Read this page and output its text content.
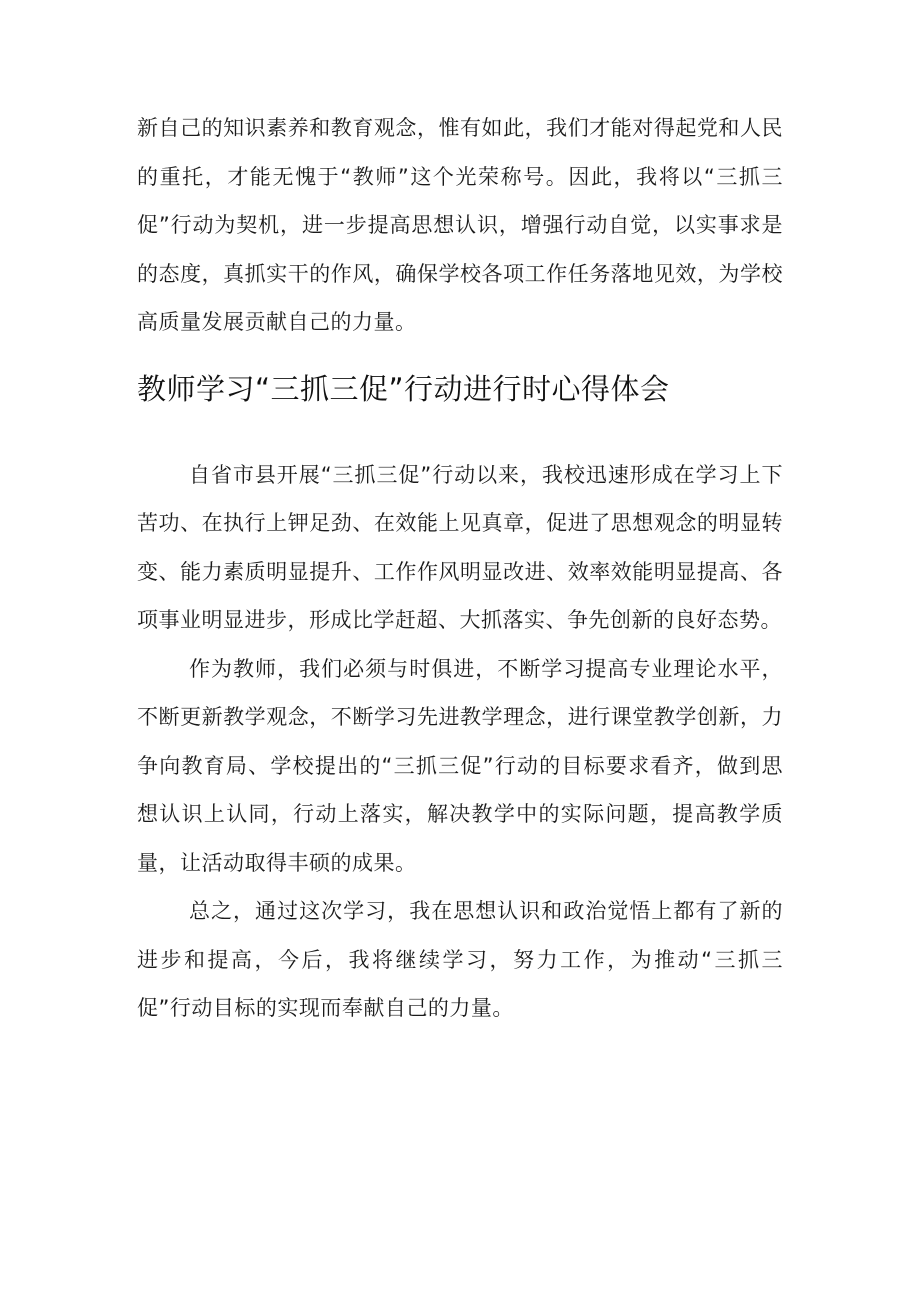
新自己的知识素养和教育观念，惟有如此，我们才能对得起党和人民的重托，才能无愧于“教师”这个光荣称号。因此，我将以“三抓三促”行动为契机，进一步提高思想认识，增强行动自觉，以实事求是的态度，真抓实干的作风，确保学校各项工作任务落地见效，为学校高质量发展贡献自己的力量。

教师学习“三抓三促”行动进行时心得体会

自省市县开展“三抓三促”行动以来，我校迅速形成在学习上下苦功、在执行上钾足劲、在效能上见真章，促进了思想观念的明显转变、能力素质明显提升、工作作风明显改进、效率效能明显提高、各项事业明显进步，形成比学赶超、大抓落实、争先创新的良好态势。

作为教师，我们必须与时俱进，不断学习提高专业理论水平，不断更新教学观念，不断学习先进教学理念，进行课堂教学创新，力争向教育局、学校提出的“三抓三促”行动的目标要求看齐，做到思想认识上认同，行动上落实，解决教学中的实际问题，提高教学质量，让活动取得丰硕的成果。

总之，通过这次学习，我在思想认识和政治觉悟上都有了新的进步和提高，今后，我将继续学习，努力工作，为推动“三抓三促”行动目标的实现而奉献自己的力量。
